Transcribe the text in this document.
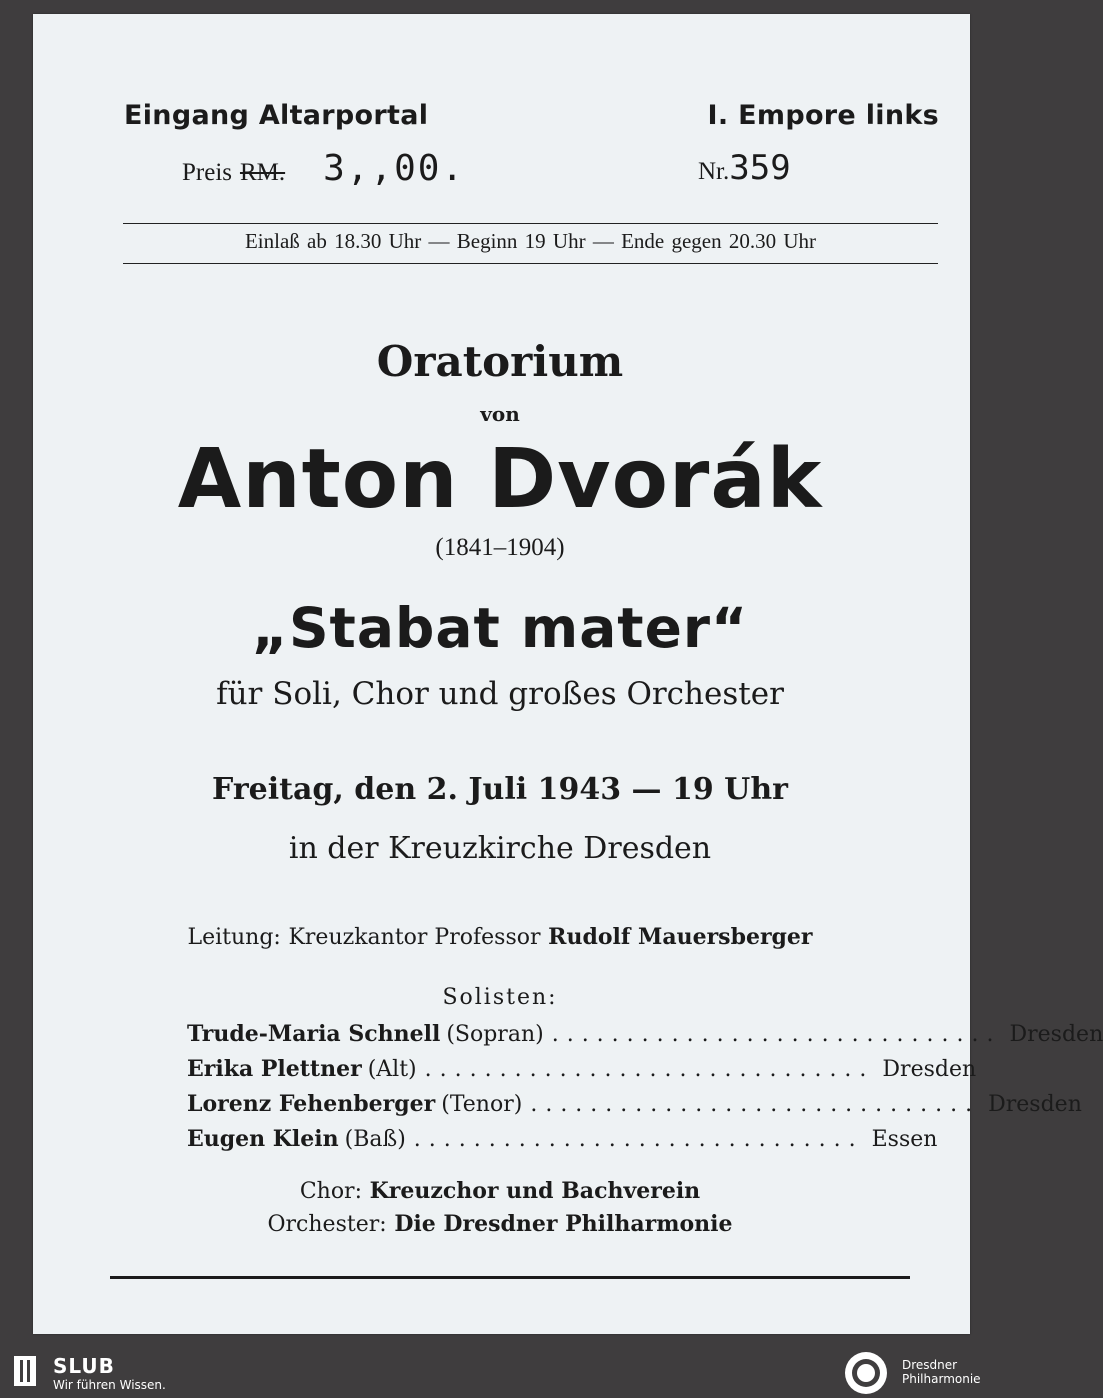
Eingang Altarportal	I. Empore links
Preis RM. 3,,00.	Nr.359
Einlaß ab 18.30 Uhr — Beginn 19 Uhr — Ende gegen 20.30 Uhr
Oratorium
von
Anton Dvorák
(1841–1904)
„Stabat mater“
für Soli, Chor und großes Orchester
Freitag, den 2. Juli 1943 — 19 Uhr
in der Kreuzkirche Dresden
Leitung: Kreuzkantor Professor Rudolf Mauersberger
Solisten:
Trude-Maria Schnell (Sopran) .............................. Dresden
Erika Plettner (Alt) .............................. Dresden
Lorenz Fehenberger (Tenor) .............................. Dresden
Eugen Klein (Baß) .............................. Essen
Chor: Kreuzchor und Bachverein
Orchester: Die Dresdner Philharmonie
SLUB
Wir führen Wissen.
Dresdner
Philharmonie
